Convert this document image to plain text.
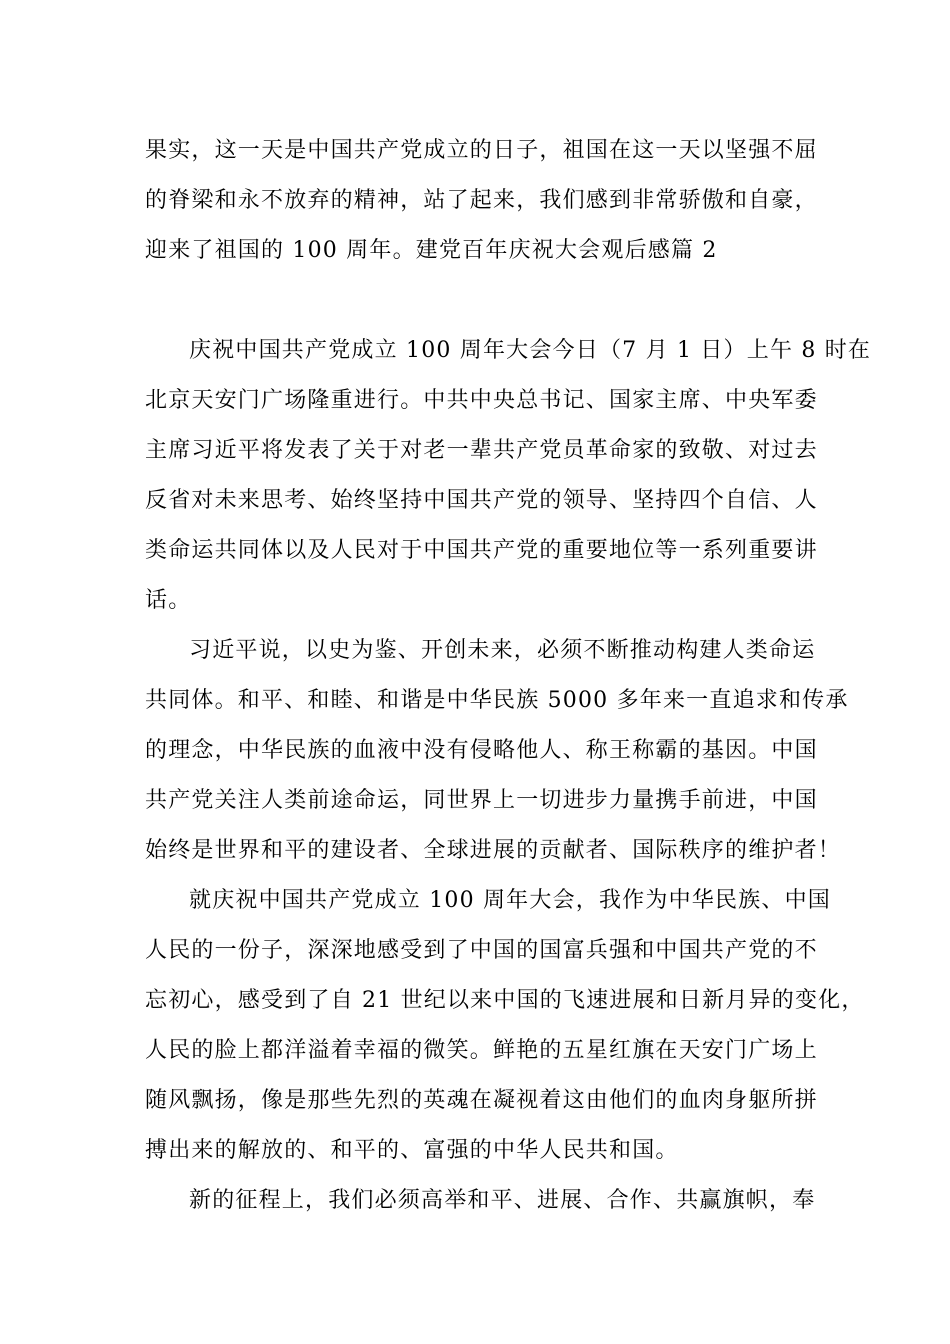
果实，这一天是中国共产党成立的日子，祖国在这一天以坚强不屈
的脊梁和永不放弃的精神，站了起来，我们感到非常骄傲和自豪，
迎来了祖国的 100 周年。建党百年庆祝大会观后感篇 2
庆祝中国共产党成立 100 周年大会今日（7 月 1 日）上午 8 时在
北京天安门广场隆重进行。中共中央总书记、国家主席、中央军委
主席习近平将发表了关于对老一辈共产党员革命家的致敬、对过去
反省对未来思考、始终坚持中国共产党的领导、坚持四个自信、人
类命运共同体以及人民对于中国共产党的重要地位等一系列重要讲
话。
习近平说，以史为鉴、开创未来，必须不断推动构建人类命运
共同体。和平、和睦、和谐是中华民族 5000 多年来一直追求和传承
的理念，中华民族的血液中没有侵略他人、称王称霸的基因。中国
共产党关注人类前途命运，同世界上一切进步力量携手前进，中国
始终是世界和平的建设者、全球进展的贡献者、国际秩序的维护者！
就庆祝中国共产党成立 100 周年大会，我作为中华民族、中国
人民的一份子，深深地感受到了中国的国富兵强和中国共产党的不
忘初心，感受到了自 21 世纪以来中国的飞速进展和日新月异的变化，
人民的脸上都洋溢着幸福的微笑。鲜艳的五星红旗在天安门广场上
随风飘扬，像是那些先烈的英魂在凝视着这由他们的血肉身躯所拼
搏出来的解放的、和平的、富强的中华人民共和国。
新的征程上，我们必须高举和平、进展、合作、共赢旗帜，奉
